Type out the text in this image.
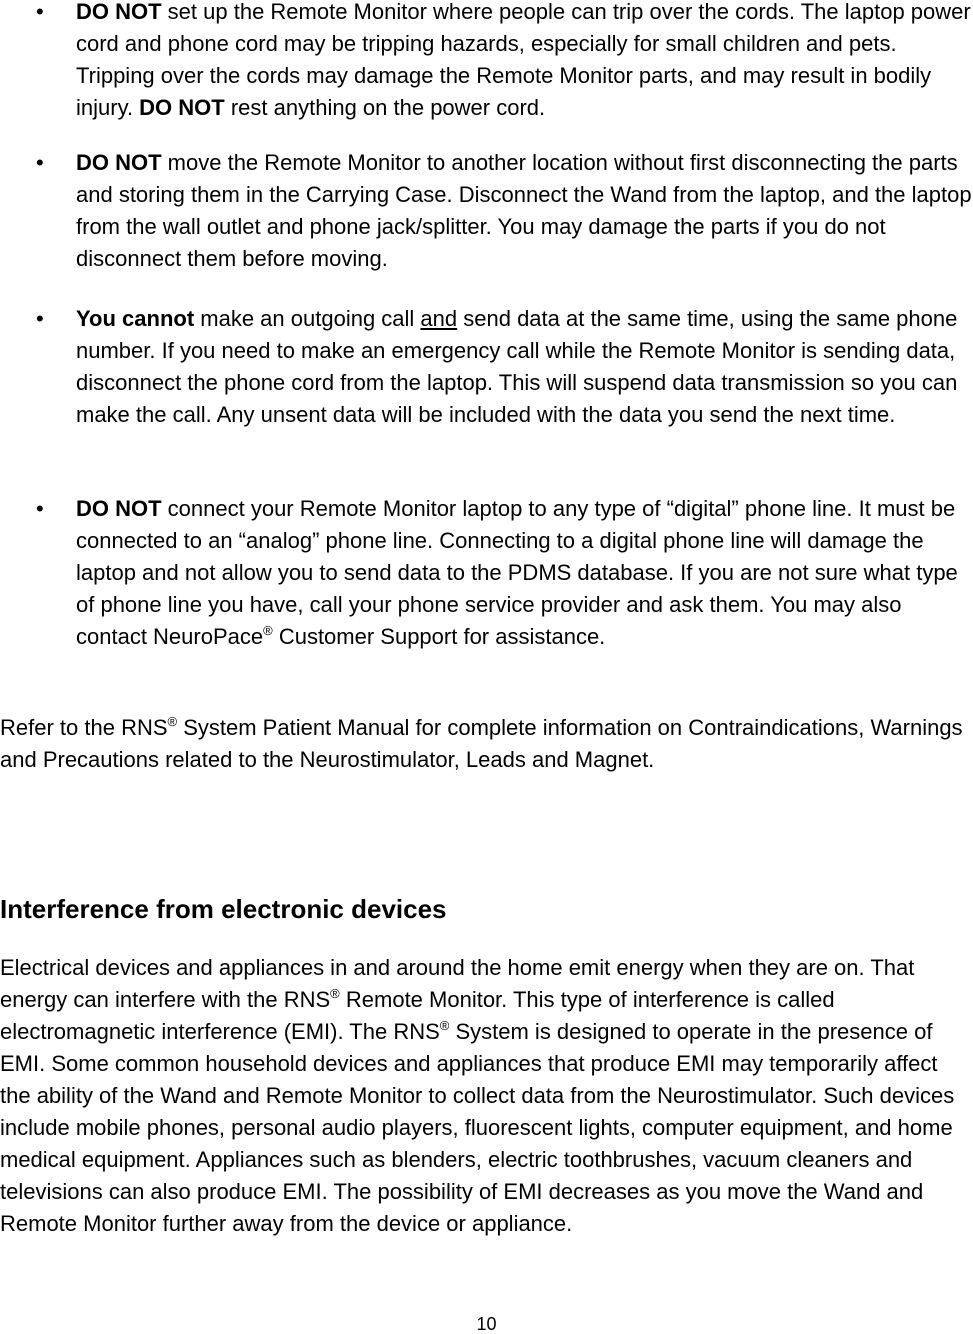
• DO NOT set up the Remote Monitor where people can trip over the cords. The laptop power cord and phone cord may be tripping hazards, especially for small children and pets. Tripping over the cords may damage the Remote Monitor parts, and may result in bodily injury. DO NOT rest anything on the power cord.

• DO NOT move the Remote Monitor to another location without first disconnecting the parts and storing them in the Carrying Case. Disconnect the Wand from the laptop, and the laptop from the wall outlet and phone jack/splitter. You may damage the parts if you do not disconnect them before moving.

• You cannot make an outgoing call and send data at the same time, using the same phone number. If you need to make an emergency call while the Remote Monitor is sending data, disconnect the phone cord from the laptop. This will suspend data transmission so you can make the call. Any unsent data will be included with the data you send the next time.

• DO NOT connect your Remote Monitor laptop to any type of “digital” phone line. It must be connected to an “analog” phone line. Connecting to a digital phone line will damage the laptop and not allow you to send data to the PDMS database. If you are not sure what type of phone line you have, call your phone service provider and ask them. You may also contact NeuroPace® Customer Support for assistance.

Refer to the RNS® System Patient Manual for complete information on Contraindications, Warnings and Precautions related to the Neurostimulator, Leads and Magnet.

Interference from electronic devices

Electrical devices and appliances in and around the home emit energy when they are on. That energy can interfere with the RNS® Remote Monitor. This type of interference is called electromagnetic interference (EMI). The RNS® System is designed to operate in the presence of EMI. Some common household devices and appliances that produce EMI may temporarily affect the ability of the Wand and Remote Monitor to collect data from the Neurostimulator. Such devices include mobile phones, personal audio players, fluorescent lights, computer equipment, and home medical equipment. Appliances such as blenders, electric toothbrushes, vacuum cleaners and televisions can also produce EMI. The possibility of EMI decreases as you move the Wand and Remote Monitor further away from the device or appliance.

10
